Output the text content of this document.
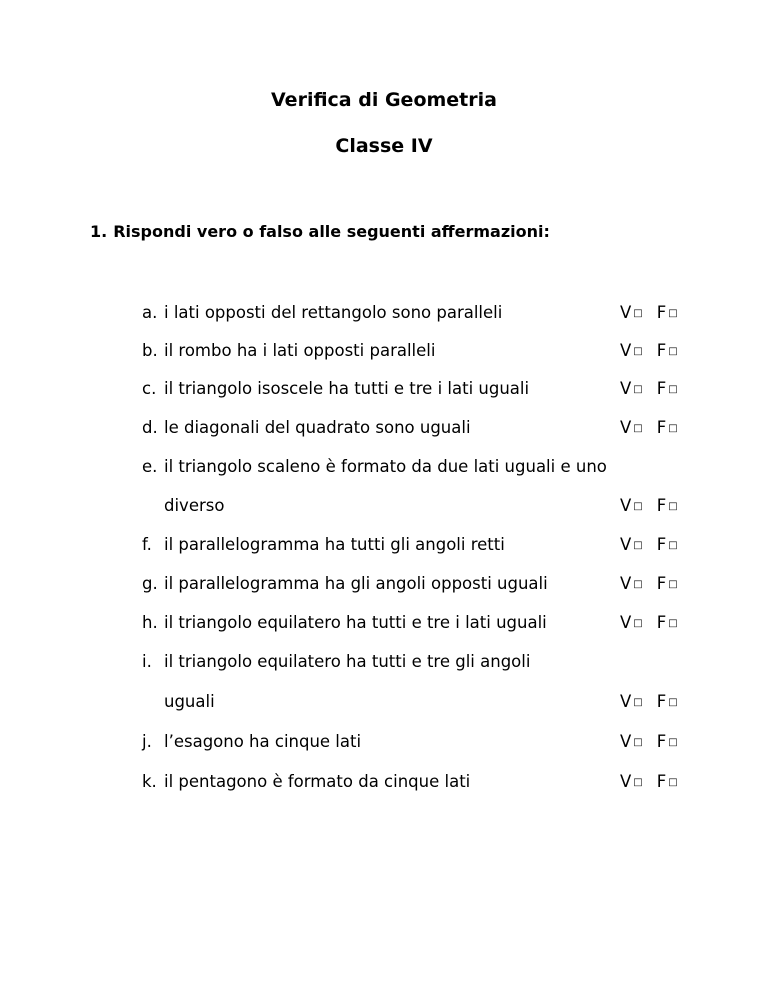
Verifica di Geometria
Classe IV
1. Rispondi vero o falso alle seguenti affermazioni:
a. i lati opposti del rettangolo sono paralleli	V □ F □
b. il rombo ha i lati opposti paralleli	V □ F □
c. il triangolo isoscele ha tutti e tre i lati uguali	V □ F □
d. le diagonali del quadrato sono uguali	V □ F □
e. il triangolo scaleno è formato da due lati uguali e uno
diverso	V □ F □
f. il parallelogramma ha tutti gli angoli retti	V □ F □
g. il parallelogramma ha gli angoli opposti uguali	V □ F □
h. il triangolo equilatero ha tutti e tre i lati uguali	V □ F □
i. il triangolo equilatero ha tutti e tre gli angoli
uguali	V □ F □
j. l’esagono ha cinque lati	V □ F □
k. il pentagono è formato da cinque lati	V □ F □
